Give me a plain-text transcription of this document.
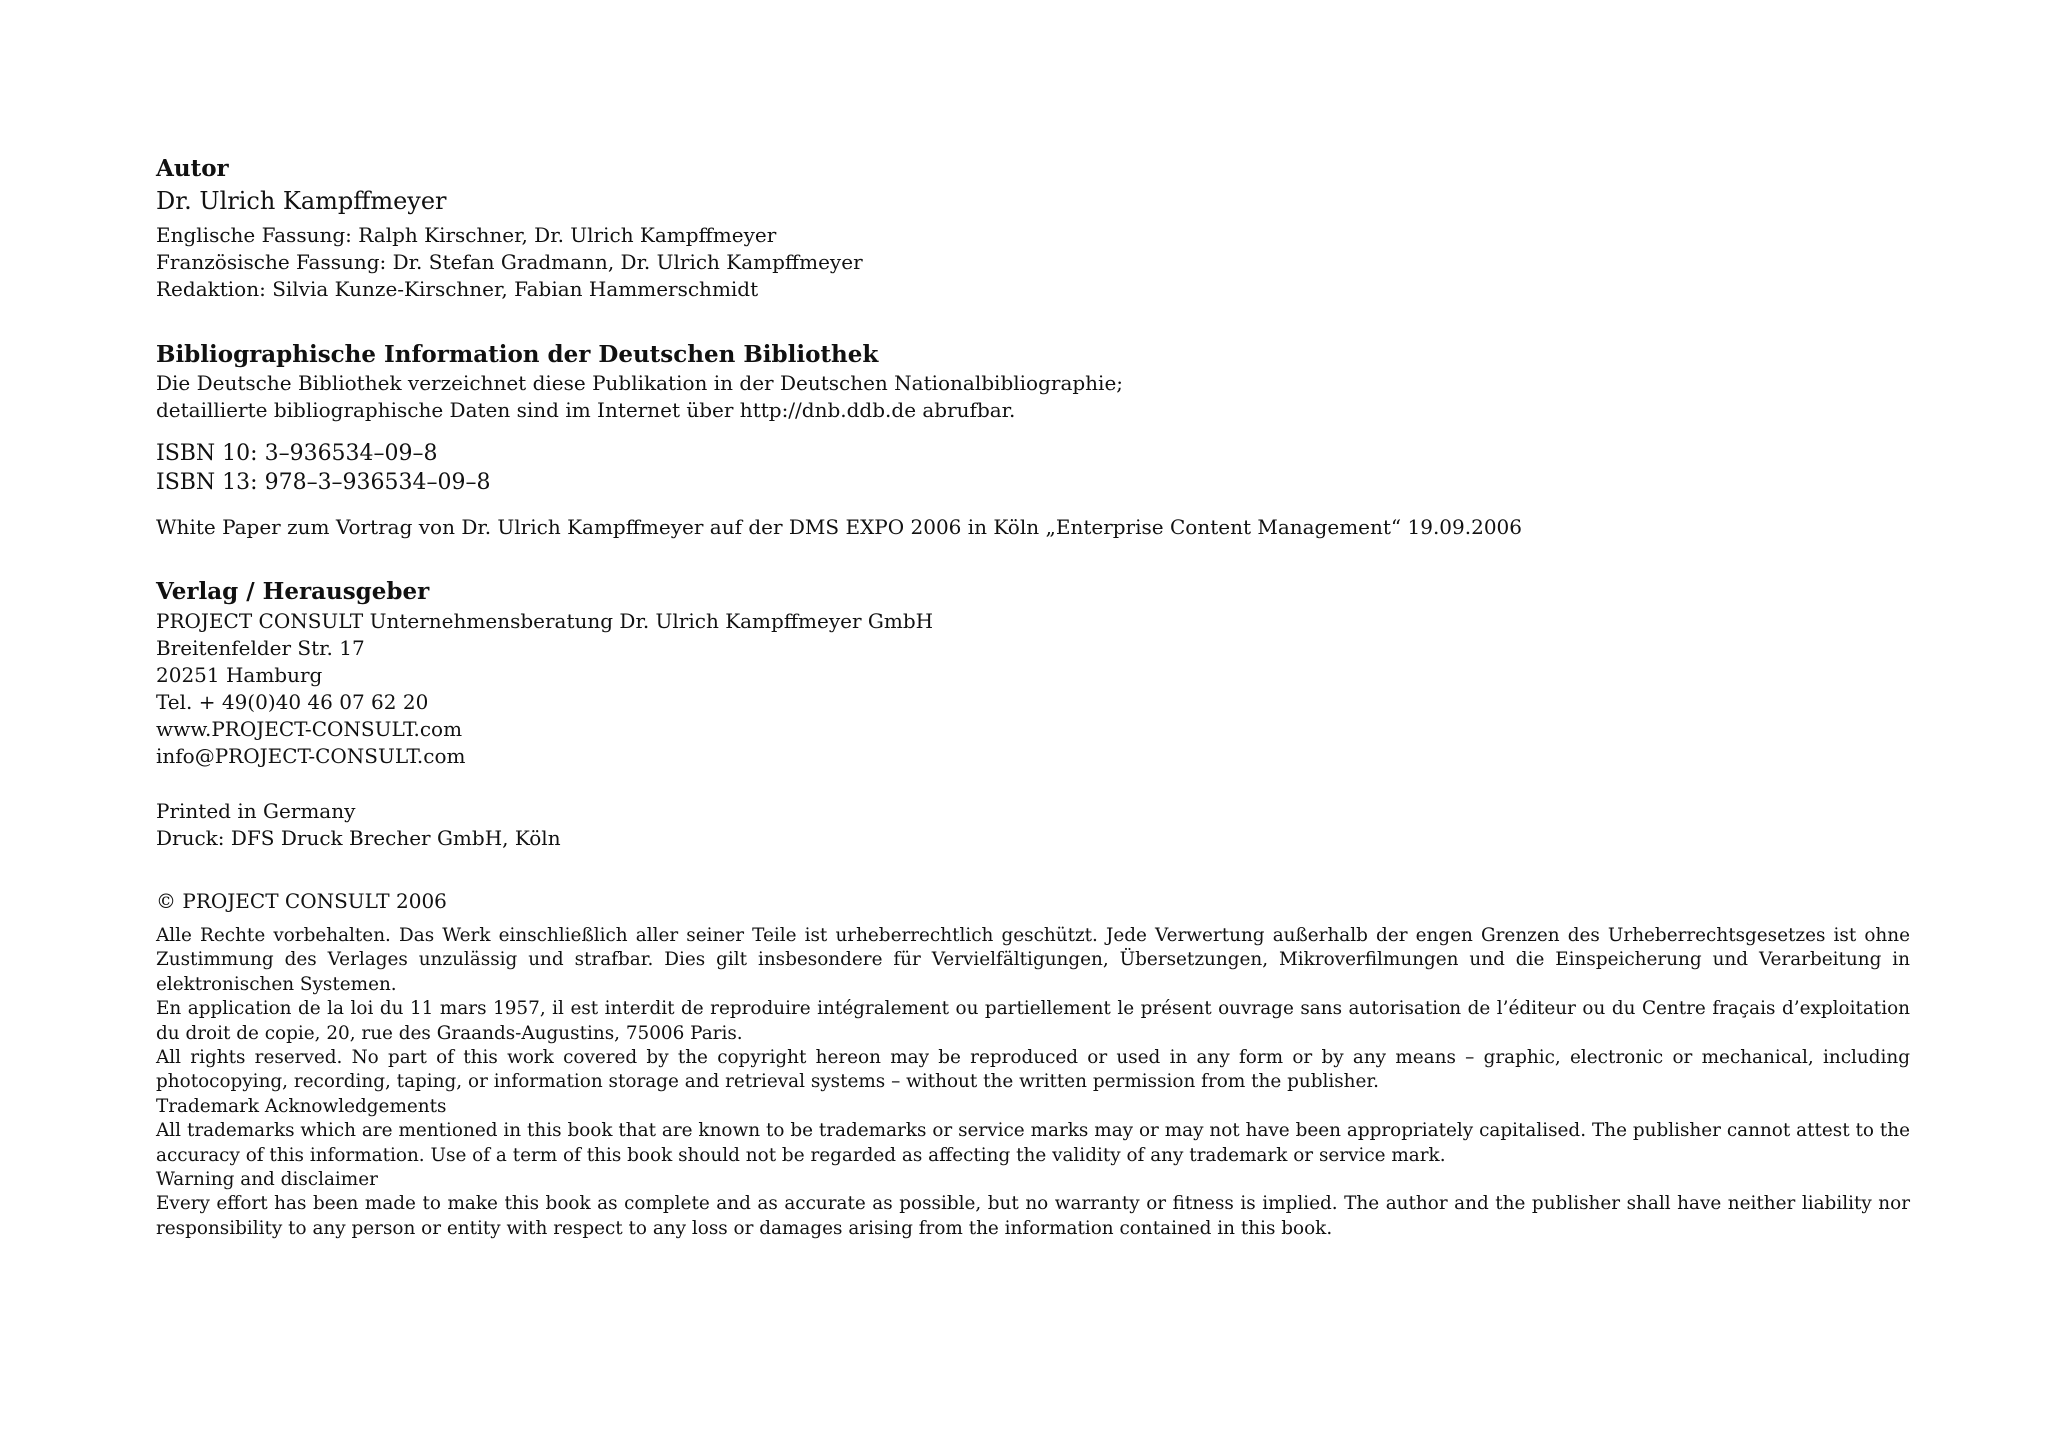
Autor
Dr. Ulrich Kampffmeyer
Englische Fassung: Ralph Kirschner, Dr. Ulrich Kampffmeyer
Französische Fassung: Dr. Stefan Gradmann, Dr. Ulrich Kampffmeyer
Redaktion: Silvia Kunze-Kirschner, Fabian Hammerschmidt
Bibliographische Information der Deutschen Bibliothek
Die Deutsche Bibliothek verzeichnet diese Publikation in der Deutschen Nationalbibliographie;
detaillierte bibliographische Daten sind im Internet über http://dnb.ddb.de abrufbar.
ISBN 10: 3–936534–09–8
ISBN 13: 978–3–936534–09–8
White Paper zum Vortrag von Dr. Ulrich Kampffmeyer auf der DMS EXPO 2006 in Köln „Enterprise Content Management“ 19.09.2006
Verlag / Herausgeber
PROJECT CONSULT Unternehmensberatung Dr. Ulrich Kampffmeyer GmbH
Breitenfelder Str. 17
20251 Hamburg
Tel. + 49(0)40 46 07 62 20
www.PROJECT-CONSULT.com
info@PROJECT-CONSULT.com
Printed in Germany
Druck: DFS Druck Brecher GmbH, Köln
© PROJECT CONSULT 2006

Alle Rechte vorbehalten. Das Werk einschließlich aller seiner Teile ist urheberrechtlich geschützt. Jede Verwertung außerhalb der engen Grenzen des Urheberrechtsgesetzes ist ohne Zustimmung des Verlages unzulässig und strafbar. Dies gilt insbesondere für Vervielfältigungen, Übersetzungen, Mikroverfilmungen und die Einspeicherung und Verarbeitung in elektronischen Systemen.

En application de la loi du 11 mars 1957, il est interdit de reproduire intégralement ou partiellement le présent ouvrage sans autorisation de l’éditeur ou du Centre fraçais d’exploitation du droit de copie, 20, rue des Graands-Augustins, 75006 Paris.

All rights reserved. No part of this work covered by the copyright hereon may be reproduced or used in any form or by any means – graphic, electronic or mechanical, including photocopying, recording, taping, or information storage and retrieval systems – without the written permission from the publisher.

Trademark Acknowledgements

All trademarks which are mentioned in this book that are known to be trademarks or service marks may or may not have been appropriately capitalised. The publisher cannot attest to the accuracy of this information. Use of a term of this book should not be regarded as affecting the validity of any trademark or service mark.

Warning and disclaimer

Every effort has been made to make this book as complete and as accurate as possible, but no warranty or fitness is implied. The author and the publisher shall have neither liability nor responsibility to any person or entity with respect to any loss or damages arising from the information contained in this book.
